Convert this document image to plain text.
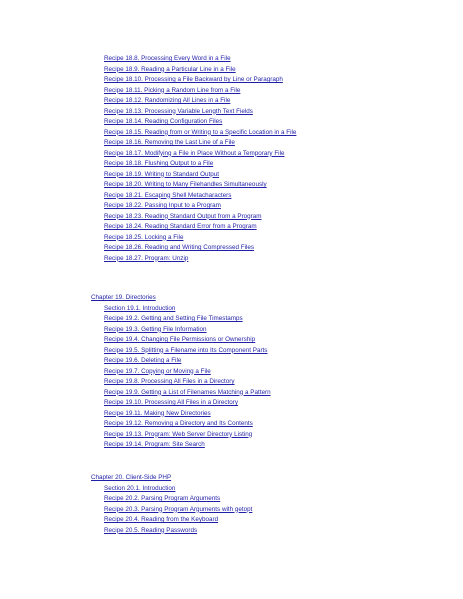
Recipe 18.8. Processing Every Word in a File
Recipe 18.9. Reading a Particular Line in a File
Recipe 18.10. Processing a File Backward by Line or Paragraph
Recipe 18.11. Picking a Random Line from a File
Recipe 18.12. Randomizing All Lines in a File
Recipe 18.13. Processing Variable Length Text Fields
Recipe 18.14. Reading Configuration Files
Recipe 18.15. Reading from or Writing to a Specific Location in a File
Recipe 18.16. Removing the Last Line of a File
Recipe 18.17. Modifying a File in Place Without a Temporary File
Recipe 18.18. Flushing Output to a File
Recipe 18.19. Writing to Standard Output
Recipe 18.20. Writing to Many Filehandles Simultaneously
Recipe 18.21. Escaping Shell Metacharacters
Recipe 18.22. Passing Input to a Program
Recipe 18.23. Reading Standard Output from a Program
Recipe 18.24. Reading Standard Error from a Program
Recipe 18.25. Locking a File
Recipe 18.26. Reading and Writing Compressed Files
Recipe 18.27. Program: Unzip
Chapter 19. Directories
Section 19.1. Introduction
Recipe 19.2. Getting and Setting File Timestamps
Recipe 19.3. Getting File Information
Recipe 19.4. Changing File Permissions or Ownership
Recipe 19.5. Splitting a Filename into Its Component Parts
Recipe 19.6. Deleting a File
Recipe 19.7. Copying or Moving a File
Recipe 19.8. Processing All Files in a Directory
Recipe 19.9. Getting a List of Filenames Matching a Pattern
Recipe 19.10. Processing All Files in a Directory
Recipe 19.11. Making New Directories
Recipe 19.12. Removing a Directory and Its Contents
Recipe 19.13. Program: Web Server Directory Listing
Recipe 19.14. Program: Site Search
Chapter 20. Client-Side PHP
Section 20.1. Introduction
Recipe 20.2. Parsing Program Arguments
Recipe 20.3. Parsing Program Arguments with getopt
Recipe 20.4. Reading from the Keyboard
Recipe 20.5. Reading Passwords
